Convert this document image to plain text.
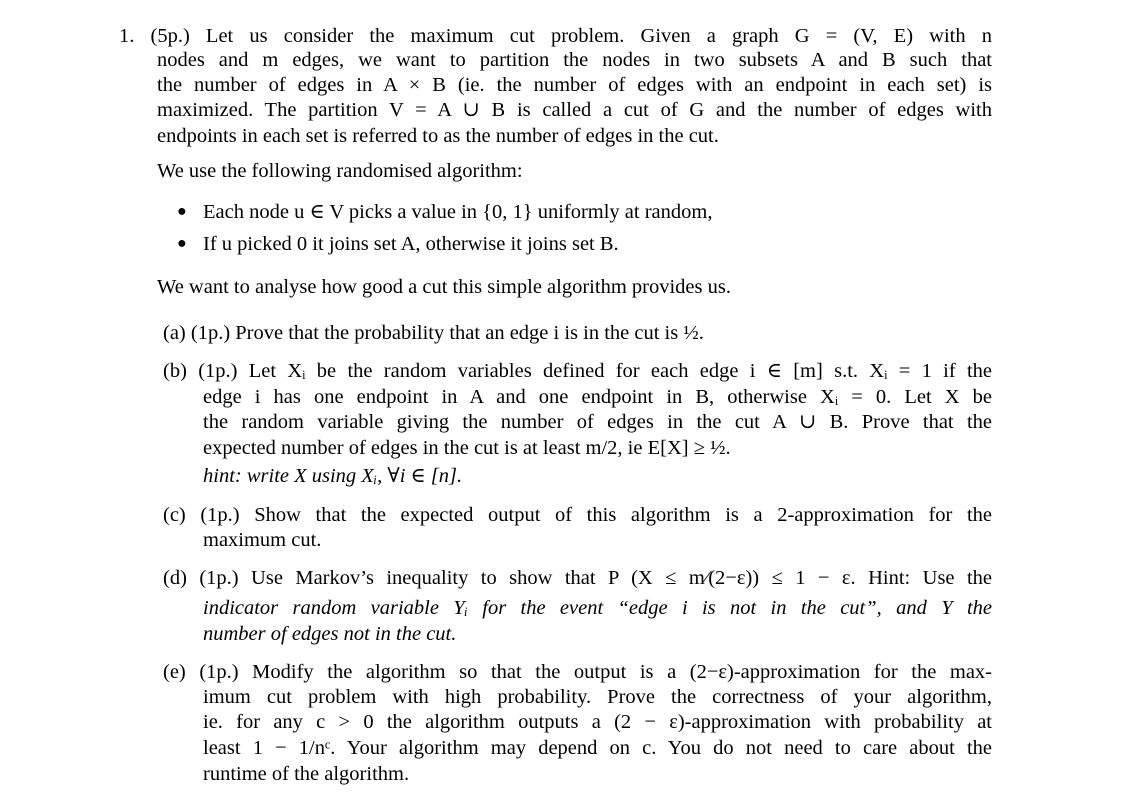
1. (5p.) Let us consider the maximum cut problem. Given a graph G = (V, E) with n
nodes and m edges, we want to partition the nodes in two subsets A and B such that
the number of edges in A × B (ie. the number of edges with an endpoint in each set) is
maximized. The partition V = A ∪ B is called a cut of G and the number of edges with
endpoints in each set is referred to as the number of edges in the cut.
We use the following randomised algorithm:
● Each node u ∈ V picks a value in {0, 1} uniformly at random,
● If u picked 0 it joins set A, otherwise it joins set B.
We want to analyse how good a cut this simple algorithm provides us.
(a) (1p.) Prove that the probability that an edge i is in the cut is ½.
(b) (1p.) Let Xᵢ be the random variables defined for each edge i ∈ [m] s.t. Xᵢ = 1 if the
edge i has one endpoint in A and one endpoint in B, otherwise Xᵢ = 0. Let X be
the random variable giving the number of edges in the cut A ∪ B. Prove that the
expected number of edges in the cut is at least m/2, ie E[X] ≥ ½.
hint: write X using Xᵢ, ∀i ∈ [n].
(c) (1p.) Show that the expected output of this algorithm is a 2-approximation for the
maximum cut.
(d) (1p.) Use Markov’s inequality to show that P (X ≤ m⁄(2−ε)) ≤ 1 − ε. Hint: Use the
indicator random variable Yᵢ for the event “edge i is not in the cut”, and Y the
number of edges not in the cut.
(e) (1p.) Modify the algorithm so that the output is a (2−ε)-approximation for the max-
imum cut problem with high probability. Prove the correctness of your algorithm,
ie. for any c > 0 the algorithm outputs a (2 − ε)-approximation with probability at
least 1 − 1/nᶜ. Your algorithm may depend on c. You do not need to care about the
runtime of the algorithm.
